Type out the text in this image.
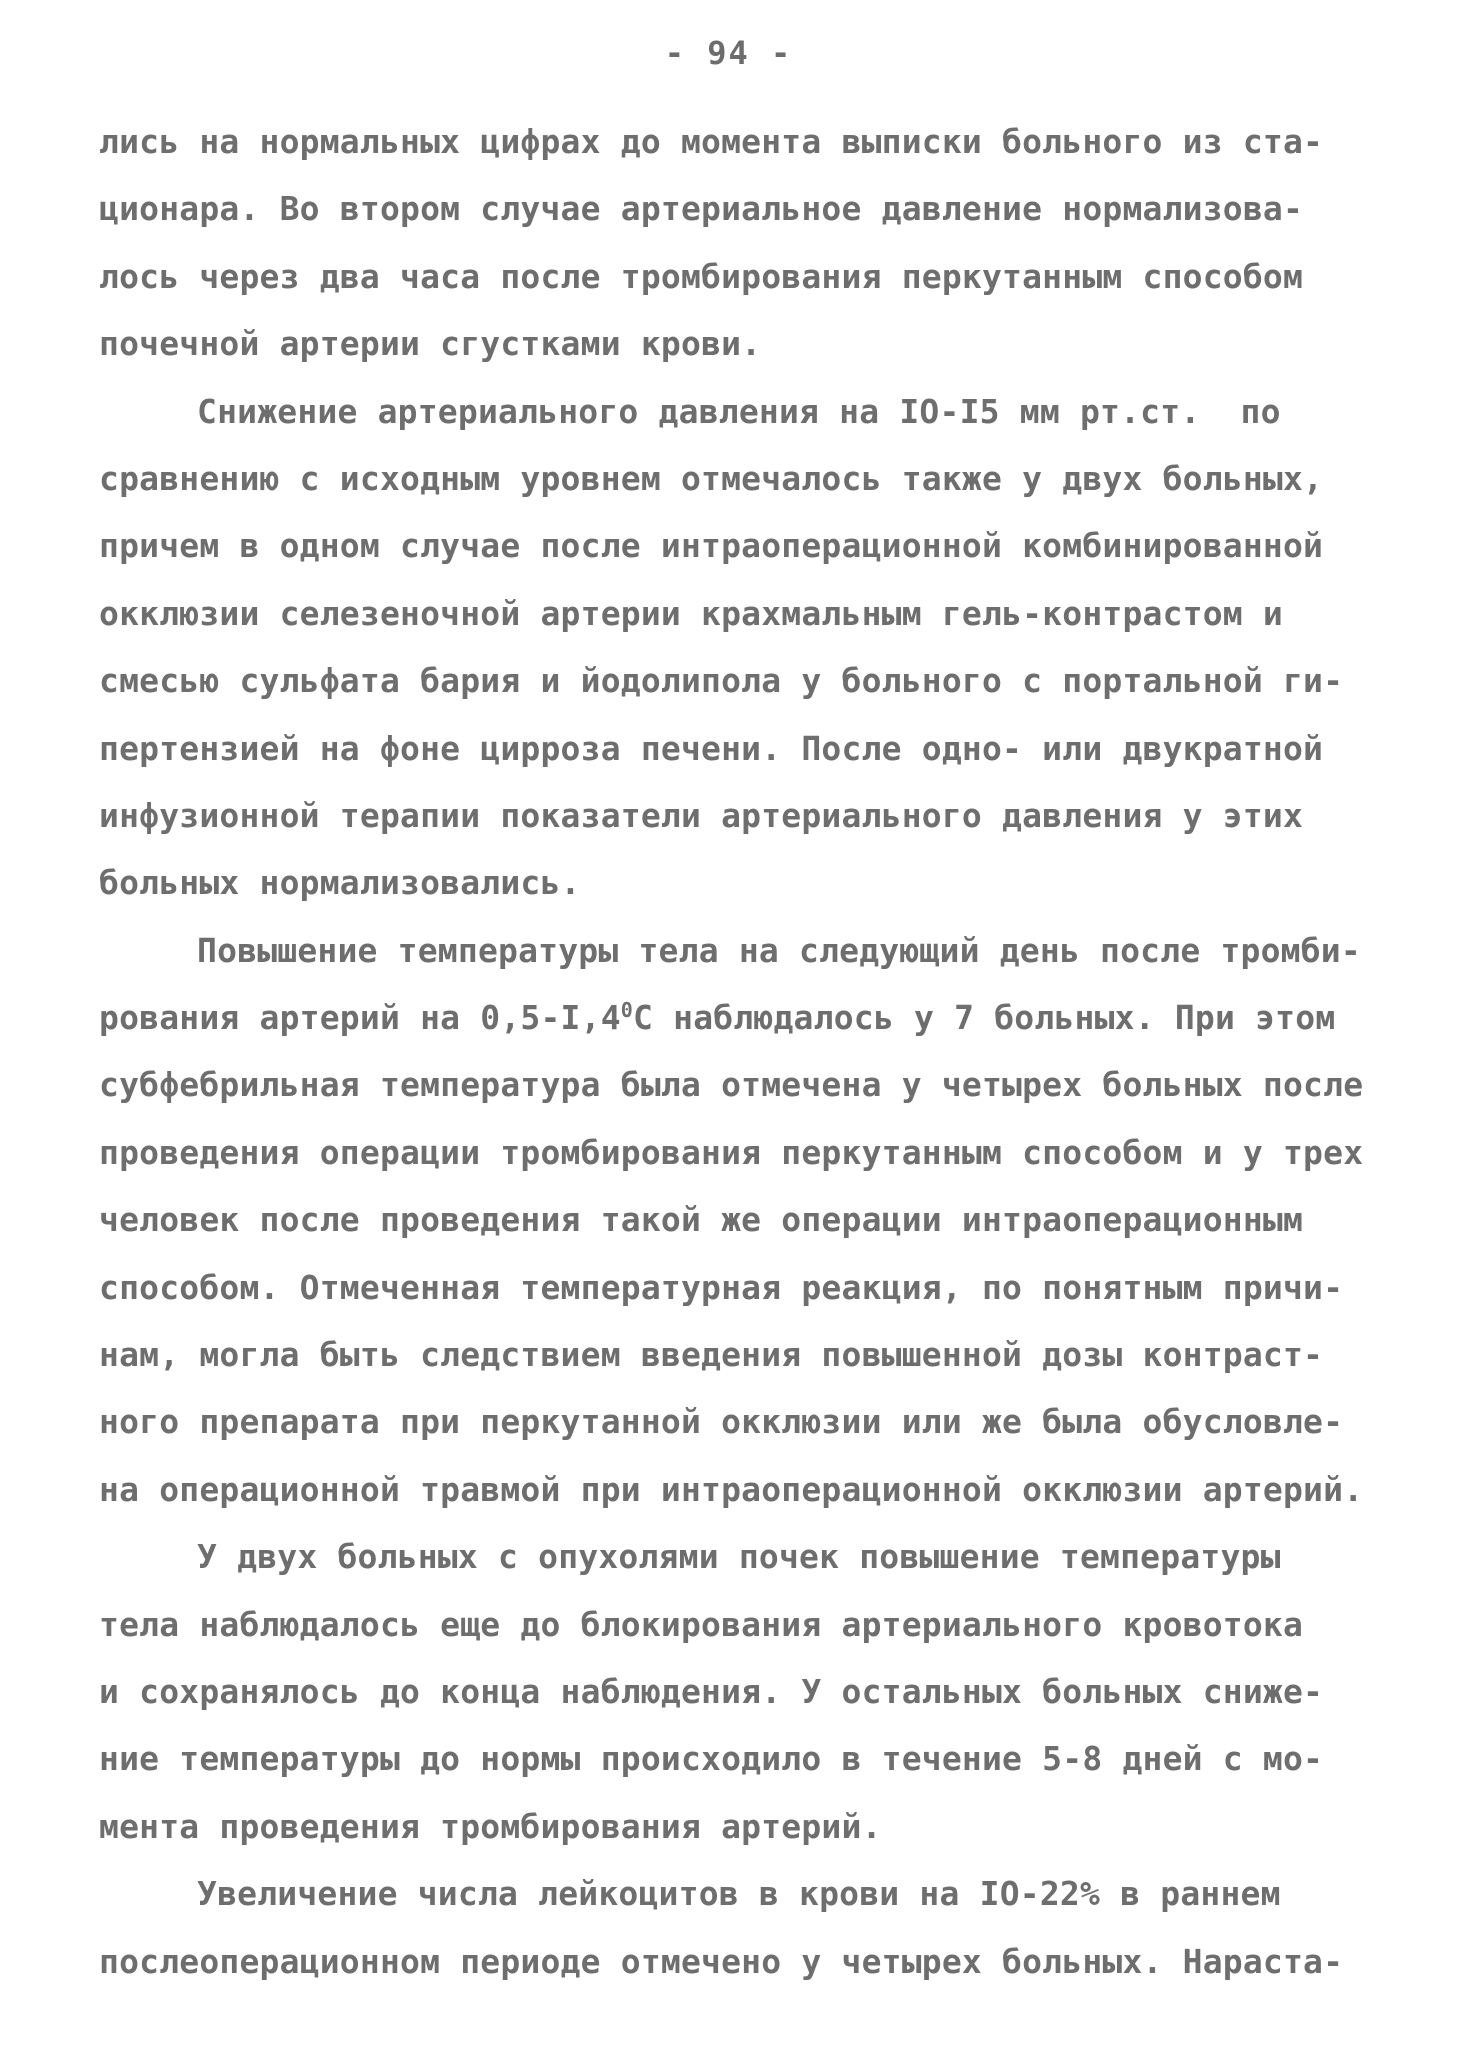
- 94 -
лись на нормальных цифрах до момента выписки больного из ста-
ционара. Во втором случае артериальное давление нормализова-
лось через два часа после тромбирования перкутанным способом
почечной артерии сгустками крови.
Снижение артериального давления на IO-I5 мм рт.ст.  по
сравнению с исходным уровнем отмечалось также у двух больных,
причем в одном случае после интраоперационной комбинированной
окклюзии селезеночной артерии крахмальным гель-контрастом и
смесью сульфата бария и йодолипола у больного с портальной ги-
пертензией на фоне цирроза печени. После одно- или двукратной
инфузионной терапии показатели артериального давления у этих
больных нормализовались.
Повышение температуры тела на следующий день после тромби-
рования артерий на $0,5-I,4^0C$ наблюдалось у 7 больных. При этом
субфебрильная температура была отмечена у четырех больных после
проведения операции тромбирования перкутанным способом и у трех
человек после проведения такой же операции интраоперационным
способом. Отмеченная температурная реакция, по понятным причи-
нам, могла быть следствием введения повышенной дозы контраст-
ного препарата при перкутанной окклюзии или же была обусловле-
на операционной травмой при интраоперационной окклюзии артерий.
У двух больных с опухолями почек повышение температуры
тела наблюдалось еще до блокирования артериального кровотока
и сохранялось до конца наблюдения. У остальных больных сниже-
ние температуры до нормы происходило в течение 5-8 дней с мо-
мента проведения тромбирования артерий.
Увеличение числа лейкоцитов в крови на IO-22% в раннем
послеоперационном периоде отмечено у четырех больных. Нараста-
